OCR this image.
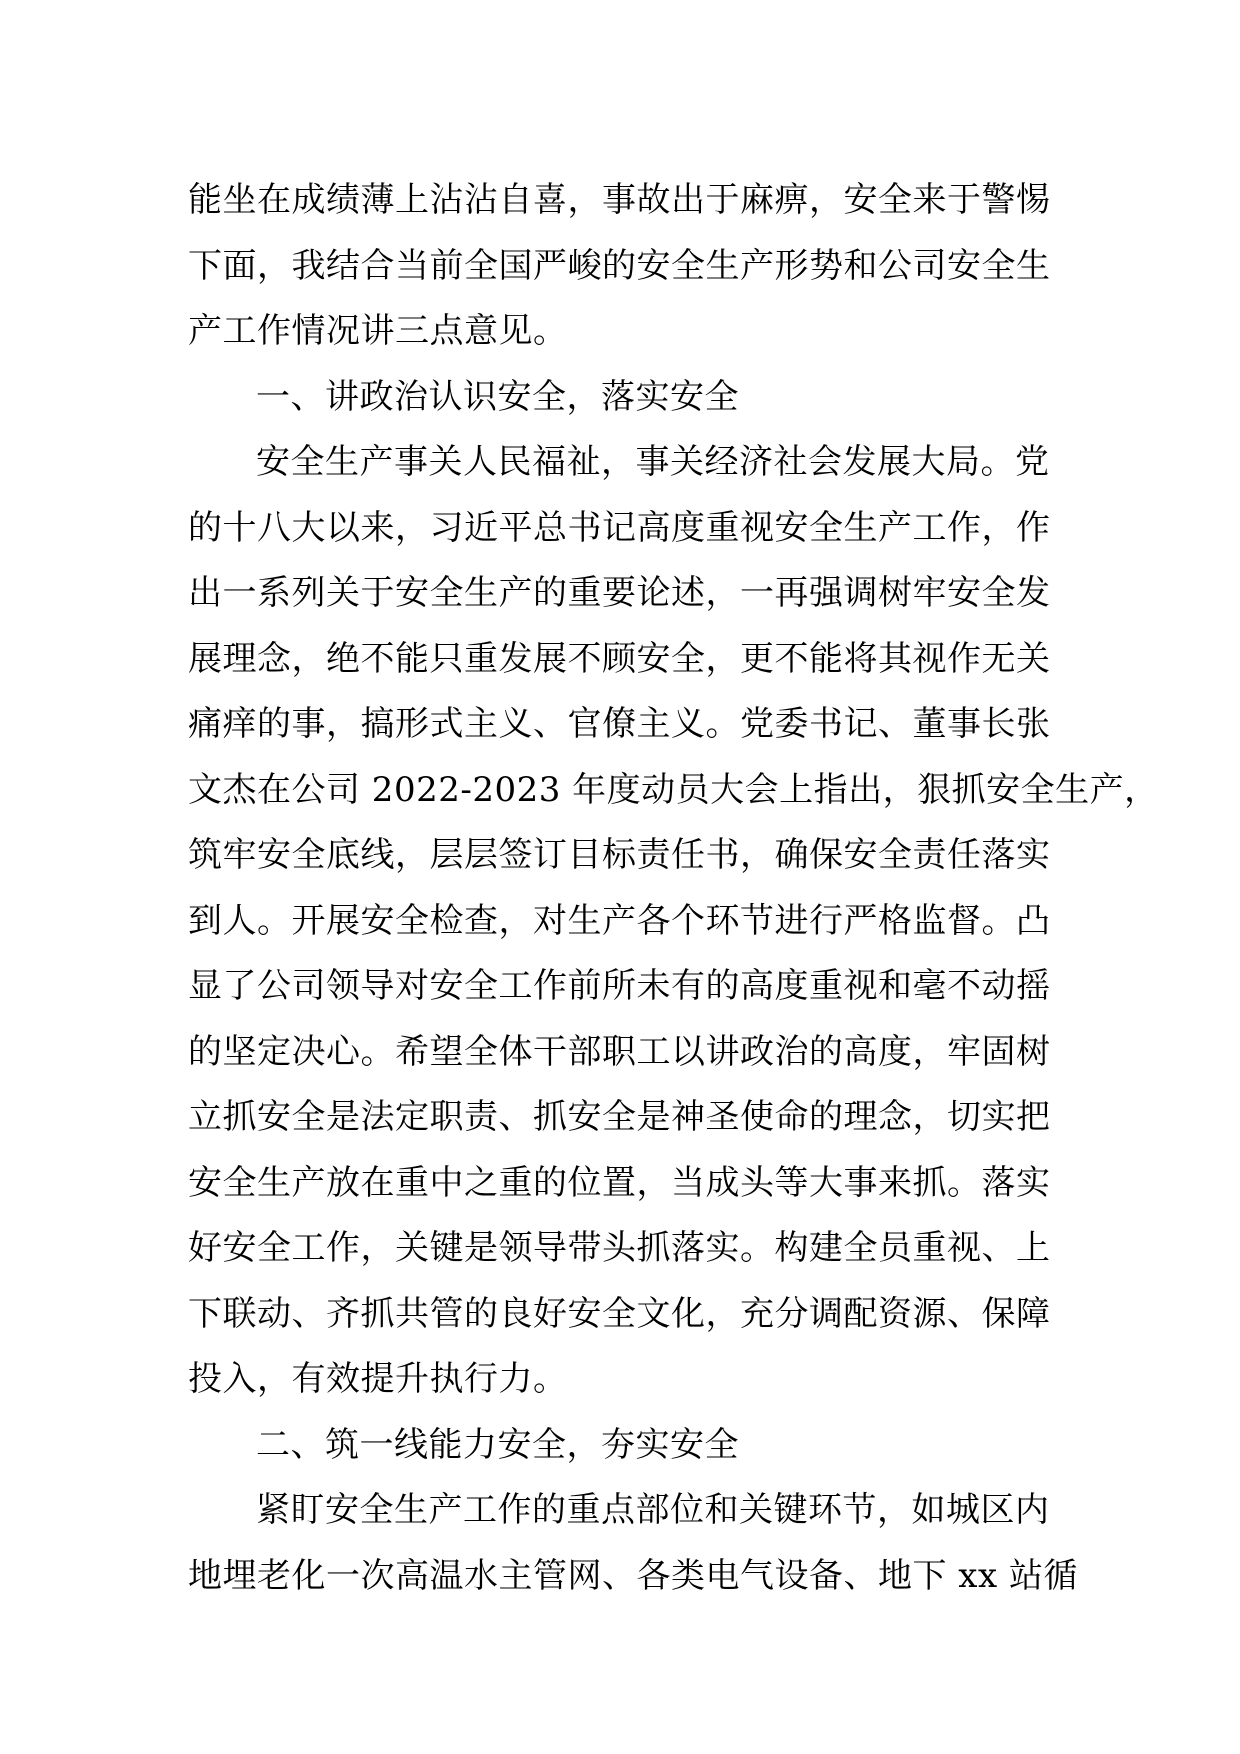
能坐在成绩薄上沾沾自喜，事故出于麻痹，安全来于警惕
下面，我结合当前全国严峻的安全生产形势和公司安全生
产工作情况讲三点意见。
一、讲政治认识安全，落实安全
安全生产事关人民福祉，事关经济社会发展大局。党
的十八大以来，习近平总书记高度重视安全生产工作，作
出一系列关于安全生产的重要论述，一再强调树牢安全发
展理念，绝不能只重发展不顾安全，更不能将其视作无关
痛痒的事，搞形式主义、官僚主义。党委书记、董事长张
文杰在公司 2022-2023 年度动员大会上指出，狠抓安全生产，
筑牢安全底线，层层签订目标责任书，确保安全责任落实
到人。开展安全检查，对生产各个环节进行严格监督。凸
显了公司领导对安全工作前所未有的高度重视和毫不动摇
的坚定决心。希望全体干部职工以讲政治的高度，牢固树
立抓安全是法定职责、抓安全是神圣使命的理念，切实把
安全生产放在重中之重的位置，当成头等大事来抓。落实
好安全工作，关键是领导带头抓落实。构建全员重视、上
下联动、齐抓共管的良好安全文化，充分调配资源、保障
投入，有效提升执行力。
二、筑一线能力安全，夯实安全
紧盯安全生产工作的重点部位和关键环节，如城区内
地埋老化一次高温水主管网、各类电气设备、地下 xx 站循
